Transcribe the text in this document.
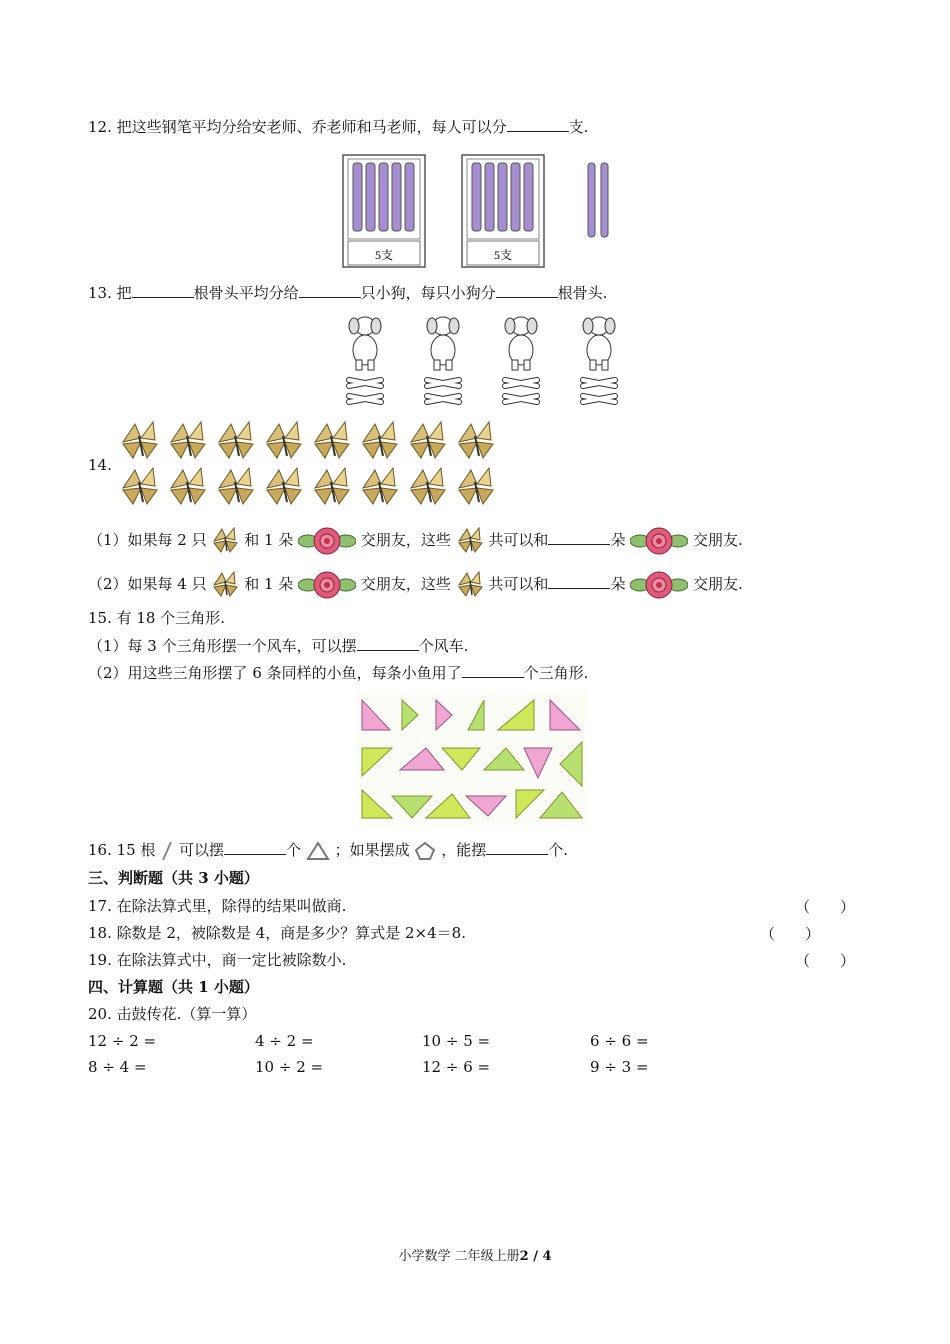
12. 把这些钢笔平均分给安老师、乔老师和马老师，每人可以分	支.
5支	5支
13. 把	根骨头平均分给	只小狗，每只小狗分	根骨头.
14.
（1）如果每 2 只	和 1 朵	交朋友，这些	共可以和	朵	交朋友.
（2）如果每 4 只	和 1 朵	交朋友，这些	共可以和	朵	交朋友.
15. 有 18 个三角形.
（1）每 3 个三角形摆一个风车，可以摆	个风车.
（2）用这些三角形摆了 6 条同样的小鱼，每条小鱼用了	个三角形.
16. 15 根 可以摆	个 ；如果摆成 ，能摆	个.
三、判断题（共 3 小题）
17. 在除法算式里，除得的结果叫做商.	（　　）
18. 除数是 2，被除数是 4，商是多少？算式是 2×4＝8.	（　　）
19. 在除法算式中，商一定比被除数小.	（　　）
四、计算题（共 1 小题）
20. 击鼓传花.（算一算）
12 ÷ 2 =	4 ÷ 2 =	10 ÷ 5 =	6 ÷ 6 =
8 ÷ 4 =	10 ÷ 2 =	12 ÷ 6 =	9 ÷ 3 =
小学数学 二年级上册2 / 4
